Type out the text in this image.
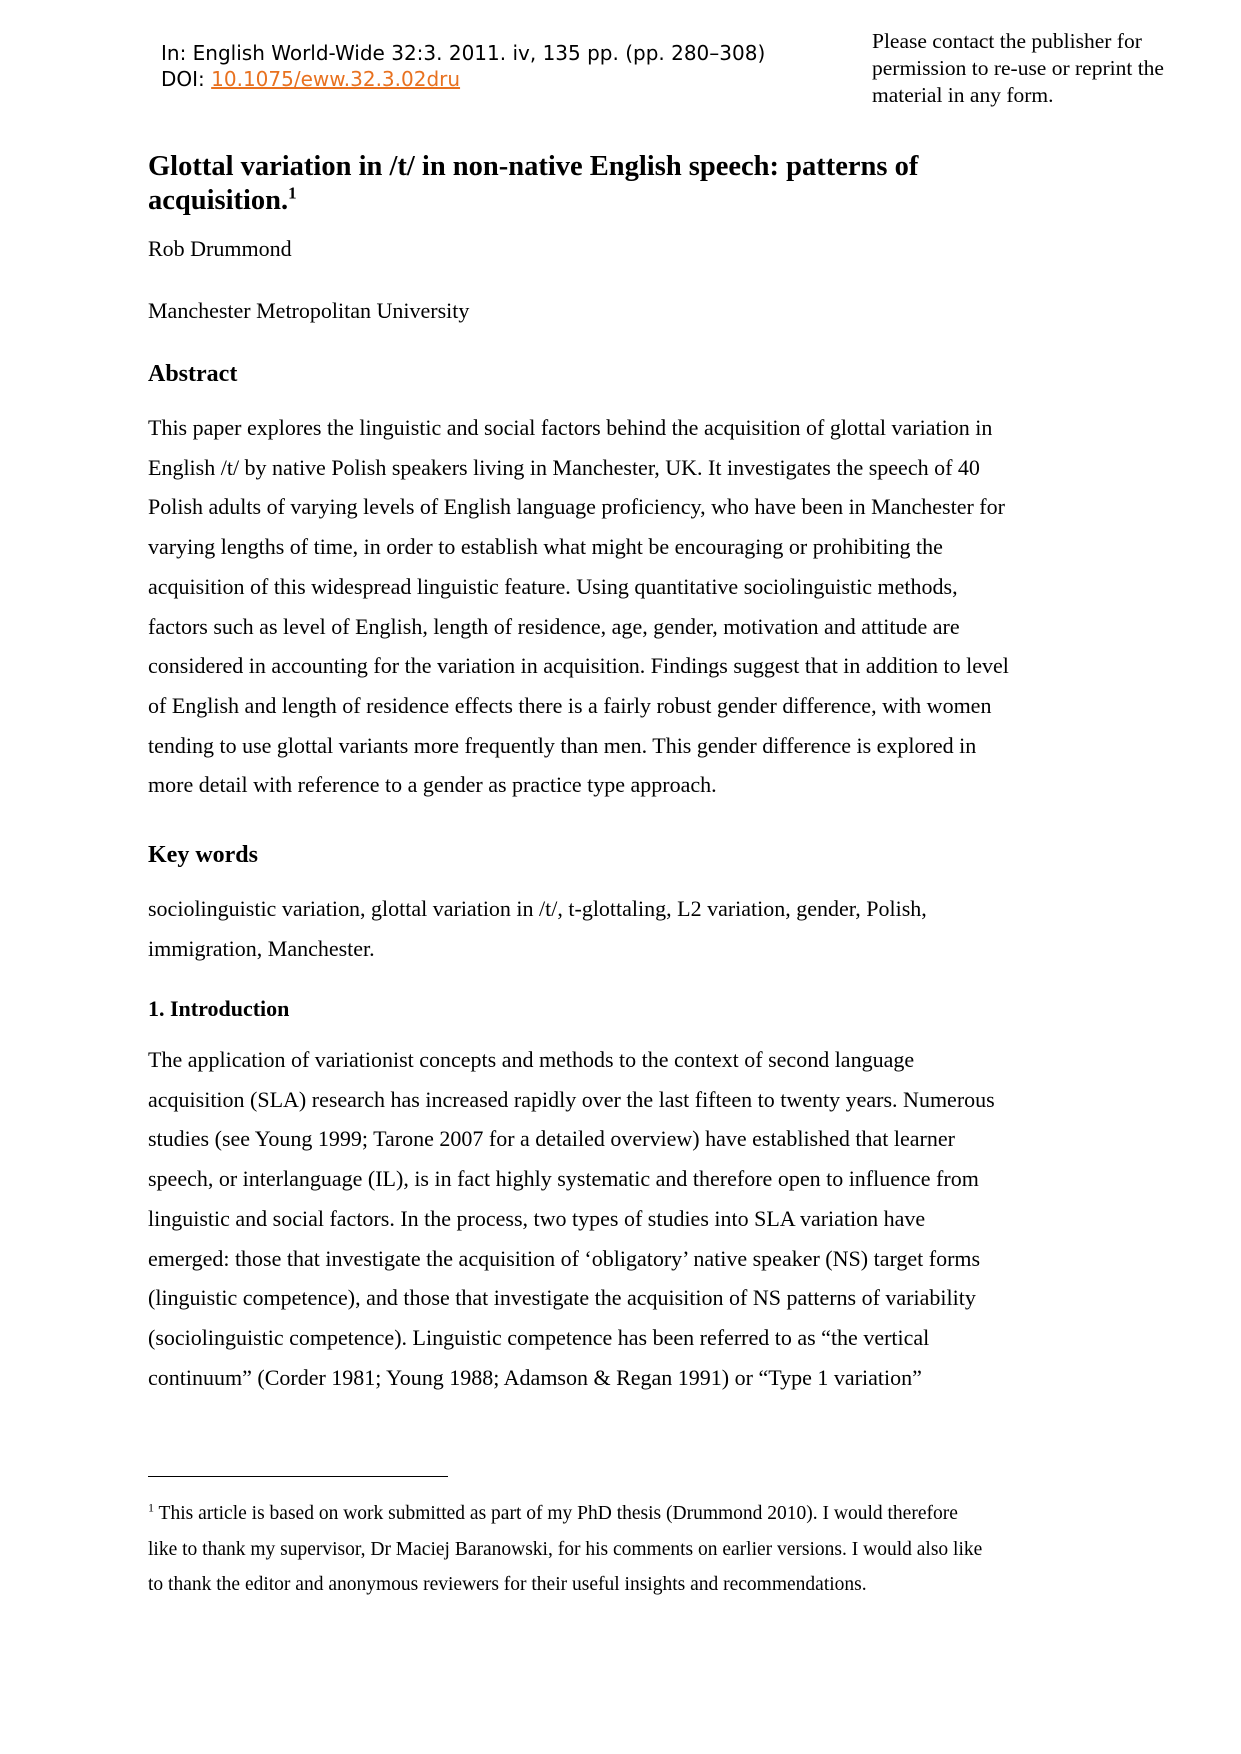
In: English World-Wide 32:3. 2011. iv, 135 pp. (pp. 280–308)
DOI: 10.1075/eww.32.3.02dru
Please contact the publisher for
permission to re-use or reprint the
material in any form.
Glottal variation in /t/ in non-native English speech: patterns of acquisition.$^1$

Rob Drummond

Manchester Metropolitan University

Abstract
This paper explores the linguistic and social factors behind the acquisition of glottal variation in
English /t/ by native Polish speakers living in Manchester, UK. It investigates the speech of 40
Polish adults of varying levels of English language proficiency, who have been in Manchester for
varying lengths of time, in order to establish what might be encouraging or prohibiting the
acquisition of this widespread linguistic feature. Using quantitative sociolinguistic methods,
factors such as level of English, length of residence, age, gender, motivation and attitude are
considered in accounting for the variation in acquisition. Findings suggest that in addition to level
of English and length of residence effects there is a fairly robust gender difference, with women
tending to use glottal variants more frequently than men. This gender difference is explored in
more detail with reference to a gender as practice type approach.
Key words
sociolinguistic variation, glottal variation in /t/, t-glottaling, L2 variation, gender, Polish,
immigration, Manchester.
1. Introduction
The application of variationist concepts and methods to the context of second language
acquisition (SLA) research has increased rapidly over the last fifteen to twenty years. Numerous
studies (see Young 1999; Tarone 2007 for a detailed overview) have established that learner
speech, or interlanguage (IL), is in fact highly systematic and therefore open to influence from
linguistic and social factors. In the process, two types of studies into SLA variation have
emerged: those that investigate the acquisition of ‘obligatory’ native speaker (NS) target forms
(linguistic competence), and those that investigate the acquisition of NS patterns of variability
(sociolinguistic competence). Linguistic competence has been referred to as “the vertical
continuum” (Corder 1981; Young 1988; Adamson & Regan 1991) or “Type 1 variation”
$^1$ This article is based on work submitted as part of my PhD thesis (Drummond 2010). I would therefore
like to thank my supervisor, Dr Maciej Baranowski, for his comments on earlier versions. I would also like
to thank the editor and anonymous reviewers for their useful insights and recommendations.
